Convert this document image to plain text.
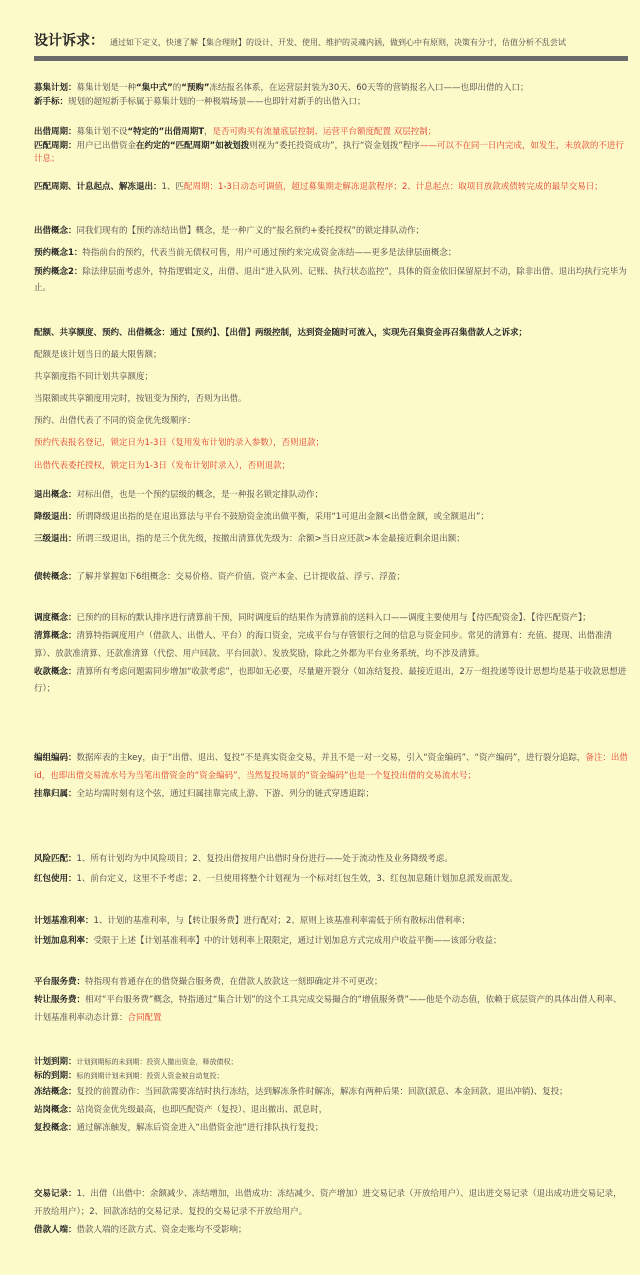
设计诉求： 通过如下定义，快速了解【集合理财】的设计、开发、使用、维护的灵魂内涵，做到心中有原则，决策有分寸，估值分析不乱尝试
募集计划：募集计划是一种“集中式”的“预购”冻结报名体系，在运营层封装为30天、60天等的营销报名入口——也即出借的入口；
新手标：规划的超短新手标属于募集计划的一种极端场景——也即针对新手的出借入口；
出借周期：募集计划不设“特定的”出借周期T，是否可购买有流量底层控制、运营平台额度配置 双层控制；
匹配周期：用户已出借资金在约定的“匹配周期”如被划拨则视为“委托投资成功”，执行“资金划拨”程序——可以不在同一日内完成，如发生，未放款的不进行计息；
匹配周期、计息起点、解冻退出：1、匹配周期：1-3日动态可调值，超过募集期走解冻退款程序；2、计息起点：取项目放款或债转完成的最早交易日；
出借概念：同我们现有的【预约冻结出借】概念，是一种广义的“报名预约+委托授权”的锁定排队动作；
预约概念1：特指前台的预约，代表当前无债权可售，用户可通过预约来完成资金冻结——更多是法律层面概念；
预约概念2：除法律层面考虑外，特指逻辑定义，出借、退出“进入队列、记账、执行状态监控”，具体的资金依旧保留原封不动，除非出借、退出均执行完毕为止。
配额、共享额度、预约、出借概念：通过【预约】、【出借】两级控制，达到资金随时可流入，实现先召集资金再召集借款人之诉求；
配额是该计划当日的最大限售额；
共享额度指不同计划共享额度；
当限额或共享额度用完时，按钮变为预约，否则为出借。
预约、出借代表了不同的资金优先级顺序：
预约代表报名登记，锁定日为1-3日（复用发布计划的录入参数），否则退款；
出借代表委托授权，锁定日为1-3日（发布计划时录入），否则退款；
退出概念：对标出借，也是一个预约层级的概念，是一种报名锁定排队动作；
降级退出：所谓降级退出指的是在退出算法与平台不鼓励资金流出做平衡，采用“1可退出金额<出借金额，或全额退出”；
三级退出：所谓三级退出，指的是三个优先级，按撤出清算优先级为：余额>当日应还款>本金最接近剩余退出额；
债转概念：了解并掌握如下6组概念：交易价格、资产价值、资产本金、已计提收益、浮亏、浮盈；
调度概念：已预约的目标的默认排序进行清算前干预，同时调度后的结果作为清算前的送料入口——调度主要使用与【待匹配资金】、【待匹配资产】；
清算概念：清算特指调度用户（借款人、出借人、平台）的海口资金，完成平台与存管银行之间的信息与资金同步。常见的清算有：充值、提现、出借准清算）、放款准清算、还款准清算（代偿、用户回款、平台回款）、发放奖励，除此之外都为平台业务系统，均不涉及清算。
收款概念：清算所有考虑问题需同步增加“收款考虑”，也即如无必要，尽量避开裂分（如冻结复投、最接近退出，2万一组投递等设计思想均是基于收款思想进行）；
编组编码：数据库表的主key，由于“出借、退出、复投”不是真实资金交易，并且不是一对一交易，引入“资金编码”、“资产编码”，进行裂分追踪，备注：出借id，也即出借交易流水号为当笔出借资金的“资金编码”，当然复投场景的“资金编码”也是一个复投出借的交易流水号；
挂靠归属：全站均需时刻有这个弦，通过归属挂靠完成上游、下游、列分的链式穿透追踪；
风险匹配：1、所有计划均为中风险项目；2、复投出借按用户出借时身份进行——处于流动性及业务降级考虑。
红包使用：1、前台定义，这里不予考虑；2、一旦使用将整个计划视为一个标对红包生效，3、红包加息随计划加息派发而派发。
计划基准利率：1、计划的基准利率，与【转让服务费】进行配对；2、原则上该基准利率需低于所有散标出借利率；
计划加息利率：受限于上述【计划基准利率】中的计划利率上限限定，通过计划加息方式完成用户收益平衡——该部分收益；
平台服务费：特指现有普通存在的借贷撮合服务费，在借款人放款这一刻即确定并不可更改；
转让服务费：相对“平台服务费”概念，特指通过“集合计划”的这个工具完成交易撮合的“增值服务费”——他是个动态值，依赖于底层资产的具体出借人利率、计划基准利率动态计算：合同配置
计划到期：计划到期标的未到期：投资人撤出资金，释放债权；
标的到期：标的到期计划未到期：投资人资金被自动复投；
冻结概念：复投的前置动作：当回款需要冻结时执行冻结，达到解冻条件时解冻，解冻有两种后果：回款(派息、本金回款、退出冲销)、复投；
站岗概念：站岗资金优先级最高，也即匹配资产（复投）、退出撤出、派息时，
复投概念：通过解冻触发，解冻后资金进入“出借资金池”进行排队执行复投；
交易记录：1、出借（出借中：余额减少、冻结增加，出借成功：冻结减少、资产增加）进交易记录（开放给用户）、退出进交易记录（退出成功进交易记录，开放给用户）；2、回款冻结的交易记录、复投的交易记录不开放给用户。
借款人端：借款人端的还款方式、资金走账均不受影响；
